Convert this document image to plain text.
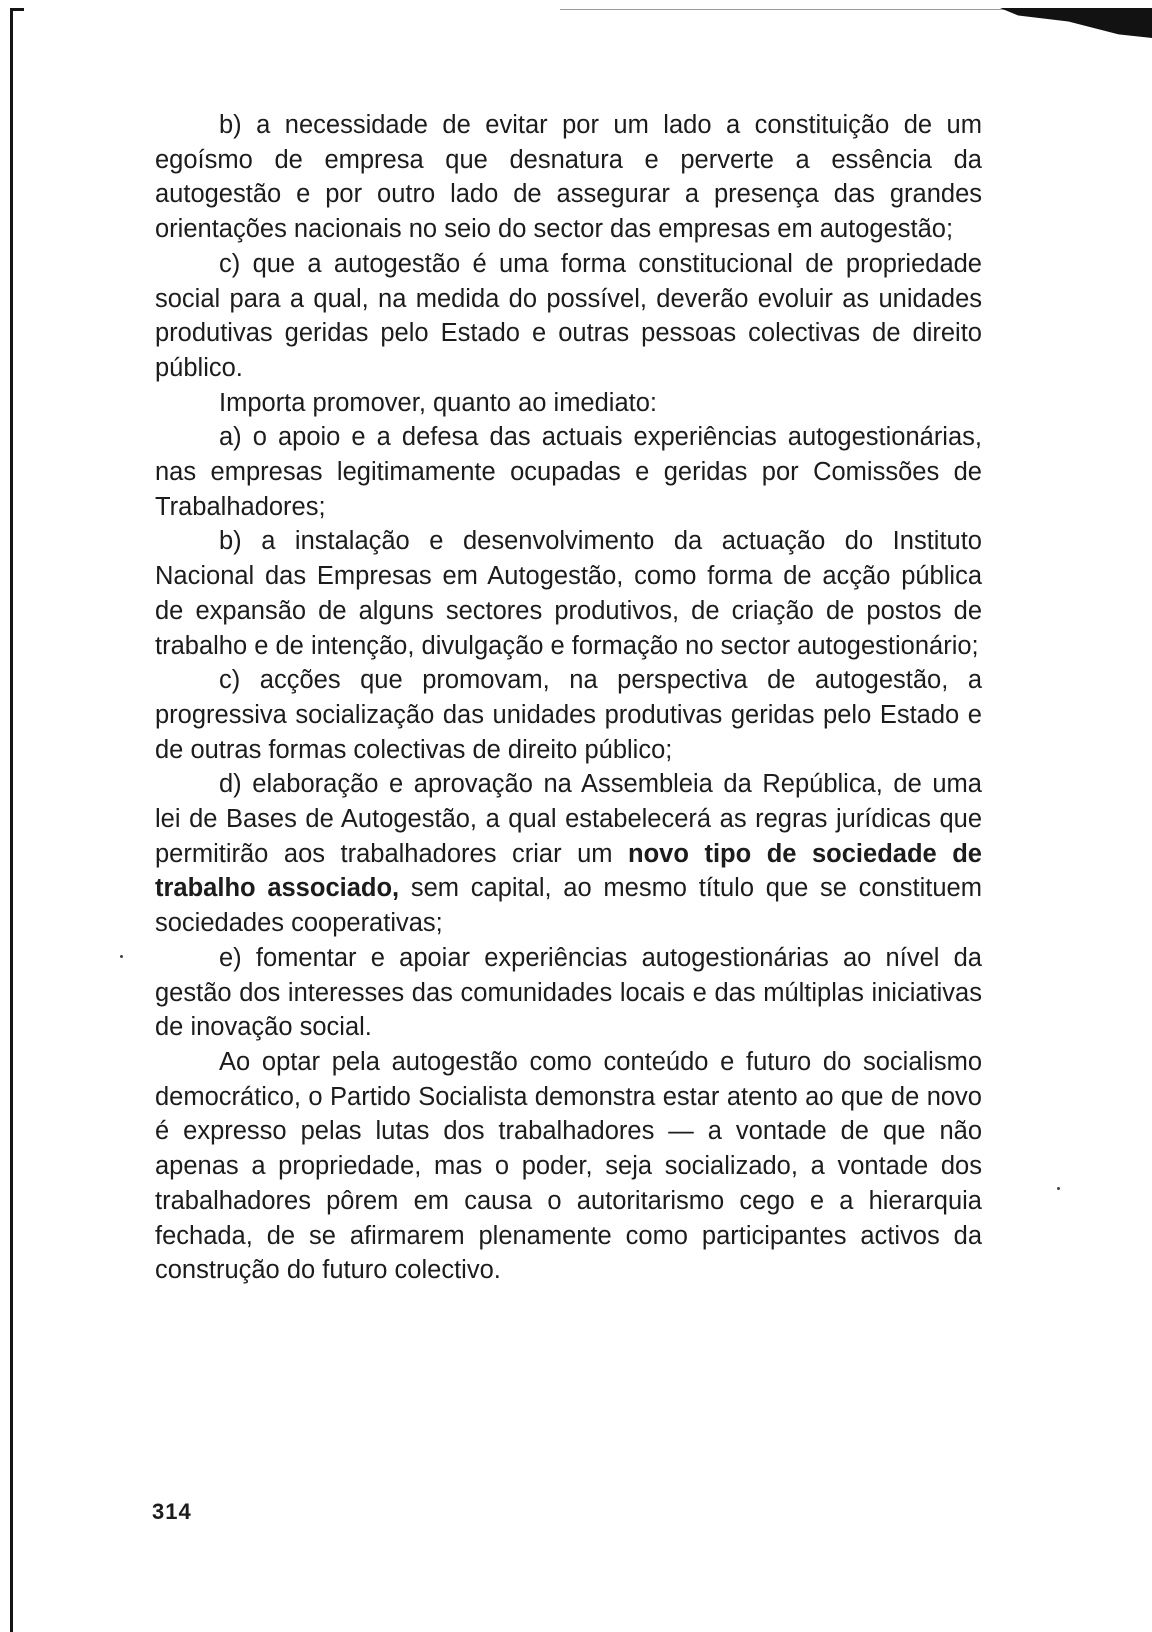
b) a necessidade de evitar por um lado a constituição de um egoísmo de empresa que desnatura e perverte a essência da autogestão e por outro lado de assegurar a presença das grandes orientações nacionais no seio do sector das empresas em autogestão;

c) que a autogestão é uma forma constitucional de propriedade social para a qual, na medida do possível, deverão evoluir as unidades produtivas geridas pelo Estado e outras pessoas colectivas de direito público.

Importa promover, quanto ao imediato:

a) o apoio e a defesa das actuais experiências autogestionárias, nas empresas legitimamente ocupadas e geridas por Comissões de Trabalhadores;

b) a instalação e desenvolvimento da actuação do Instituto Nacional das Empresas em Autogestão, como forma de acção pública de expansão de alguns sectores produtivos, de criação de postos de trabalho e de intenção, divulgação e formação no sector autogestionário;

c) acções que promovam, na perspectiva de autogestão, a progressiva socialização das unidades produtivas geridas pelo Estado e de outras formas colectivas de direito público;

d) elaboração e aprovação na Assembleia da República, de uma lei de Bases de Autogestão, a qual estabelecerá as regras jurídicas que permitirão aos trabalhadores criar um novo tipo de sociedade de trabalho associado, sem capital, ao mesmo título que se constituem sociedades cooperativas;

e) fomentar e apoiar experiências autogestionárias ao nível da gestão dos interesses das comunidades locais e das múltiplas iniciativas de inovação social.

Ao optar pela autogestão como conteúdo e futuro do socialismo democrático, o Partido Socialista demonstra estar atento ao que de novo é expresso pelas lutas dos trabalhadores — a vontade de que não apenas a propriedade, mas o poder, seja socializado, a vontade dos trabalhadores pôrem em causa o autoritarismo cego e a hierarquia fechada, de se afirmarem plenamente como participantes activos da construção do futuro colectivo.

314
